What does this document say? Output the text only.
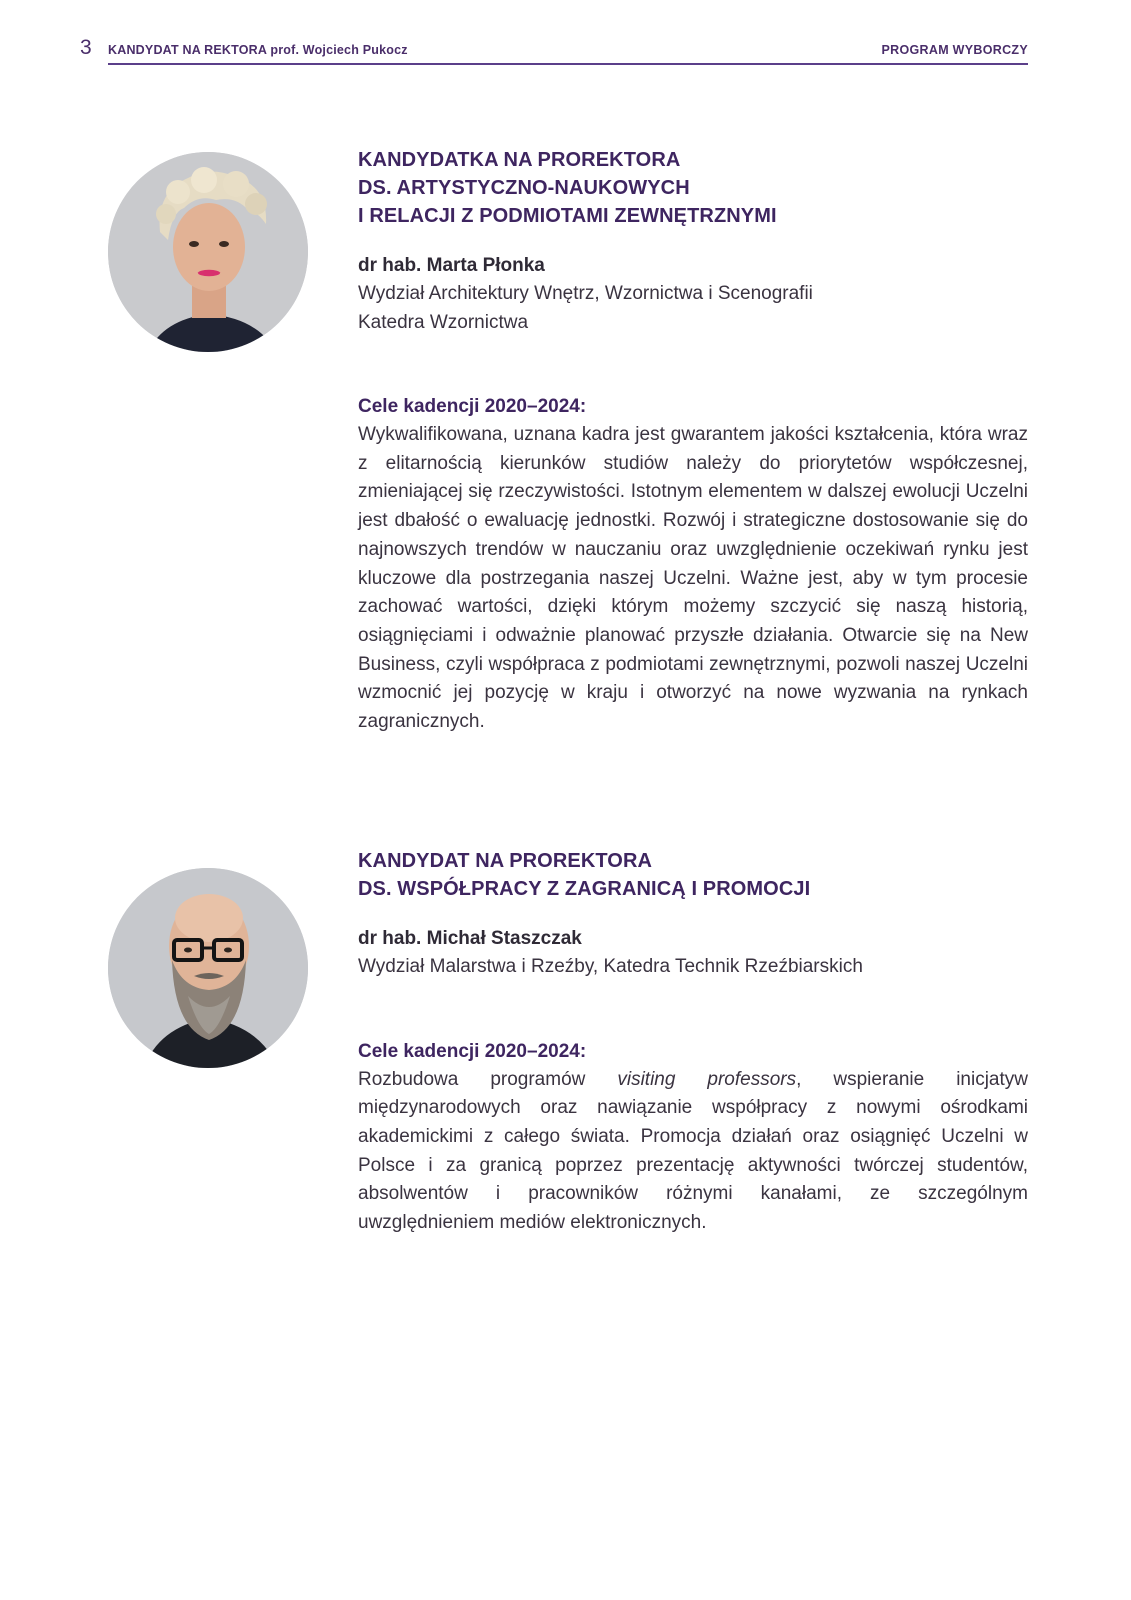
3 KANDYDAT NA REKTORA prof. Wojciech Pukocz	PROGRAM WYBORCZY
KANDYDATKA NA PROREKTORA
DS. ARTYSTYCZNO-NAUKOWYCH
I RELACJI Z PODMIOTAMI ZEWNĘTRZNYMI
dr hab. Marta Płonka
Wydział Architektury Wnętrz, Wzornictwa i Scenografii
Katedra Wzornictwa
Cele kadencji 2020–2024:
Wykwalifikowana, uznana kadra jest gwarantem jakości kształcenia, która wraz z elitarnością kierunków studiów należy do priorytetów współczesnej, zmieniającej się rzeczywistości. Istotnym elementem w dalszej ewolucji Uczelni jest dbałość o ewaluację jednostki. Rozwój i strategiczne dostosowanie się do najnowszych trendów w nauczaniu oraz uwzględnienie oczekiwań rynku jest kluczowe dla postrzegania naszej Uczelni. Ważne jest, aby w tym procesie zachować wartości, dzięki którym możemy szczycić się naszą historią, osiągnięciami i odważnie planować przyszłe działania. Otwarcie się na New Business, czyli współpraca z podmiotami zewnętrznymi, pozwoli naszej Uczelni wzmocnić jej pozycję w kraju i otworzyć na nowe wyzwania na rynkach zagranicznych.
KANDYDAT NA PROREKTORA
DS. WSPÓŁPRACY Z ZAGRANICĄ I PROMOCJI
dr hab. Michał Staszczak
Wydział Malarstwa i Rzeźby, Katedra Technik Rzeźbiarskich
Cele kadencji 2020–2024:
Rozbudowa programów visiting professors, wspieranie inicjatyw międzynarodowych oraz nawiązanie współpracy z nowymi ośrodkami akademickimi z całego świata. Promocja działań oraz osiągnięć Uczelni w Polsce i za granicą poprzez prezentację aktywności twórczej studentów, absolwentów i pracowników różnymi kanałami, ze szczególnym uwzględnieniem mediów elektronicznych.
